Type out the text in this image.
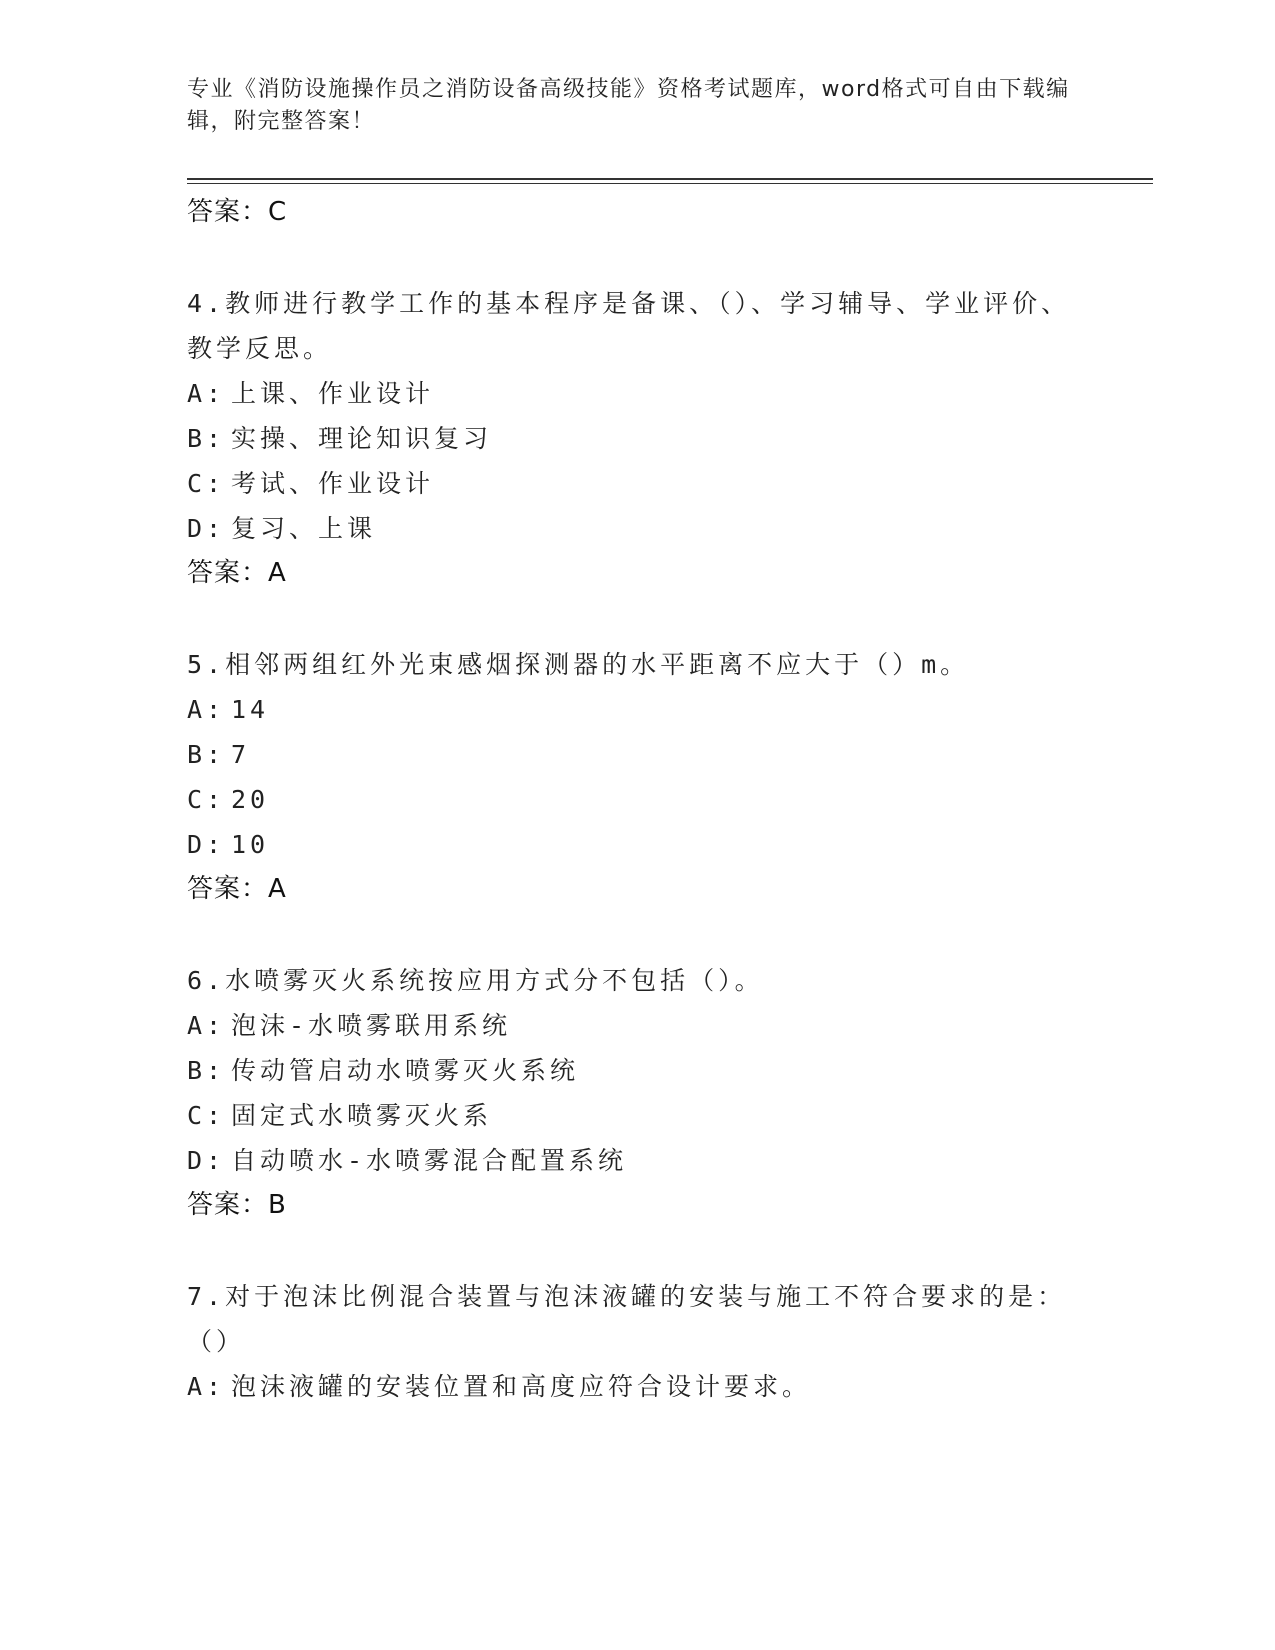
专业《消防设施操作员之消防设备高级技能》资格考试题库，word格式可自由下载编辑，附完整答案！
答案：C
4.教师进行教学工作的基本程序是备课、（）、学习辅导、学业评价、教学反思。
A: 上课、作业设计
B: 实操、理论知识复习
C: 考试、作业设计
D: 复习、上课
答案：A
5.相邻两组红外光束感烟探测器的水平距离不应大于（）m。
A: 14
B: 7
C: 20
D: 10
答案：A
6.水喷雾灭火系统按应用方式分不包括（）。
A: 泡沫-水喷雾联用系统
B: 传动管启动水喷雾灭火系统
C: 固定式水喷雾灭火系
D: 自动喷水-水喷雾混合配置系统
答案：B
7.对于泡沫比例混合装置与泡沫液罐的安装与施工不符合要求的是：（）
A: 泡沫液罐的安装位置和高度应符合设计要求。
